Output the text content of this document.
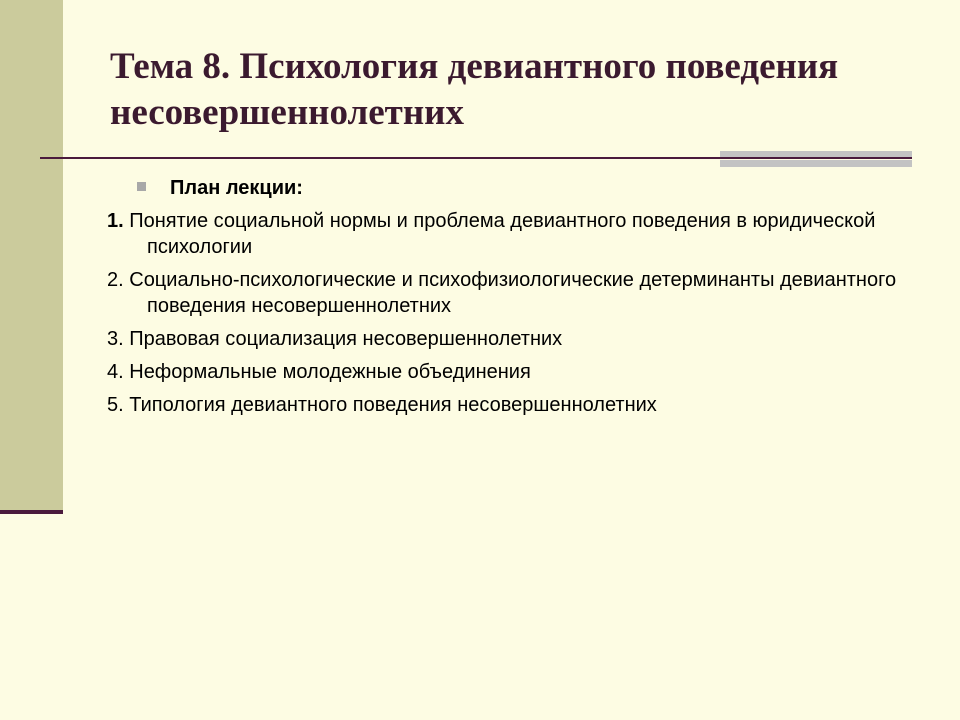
Тема 8. Психология девиантного поведения несовершеннолетних

План лекции:

1. Понятие социальной нормы и проблема девиантного поведения в юридической психологии
2. Социально-психологические и психофизиологические детерминанты девиантного поведения несовершеннолетних
3. Правовая социализация несовершеннолетних
4. Неформальные молодежные объединения
5. Типология девиантного поведения несовершеннолетних
